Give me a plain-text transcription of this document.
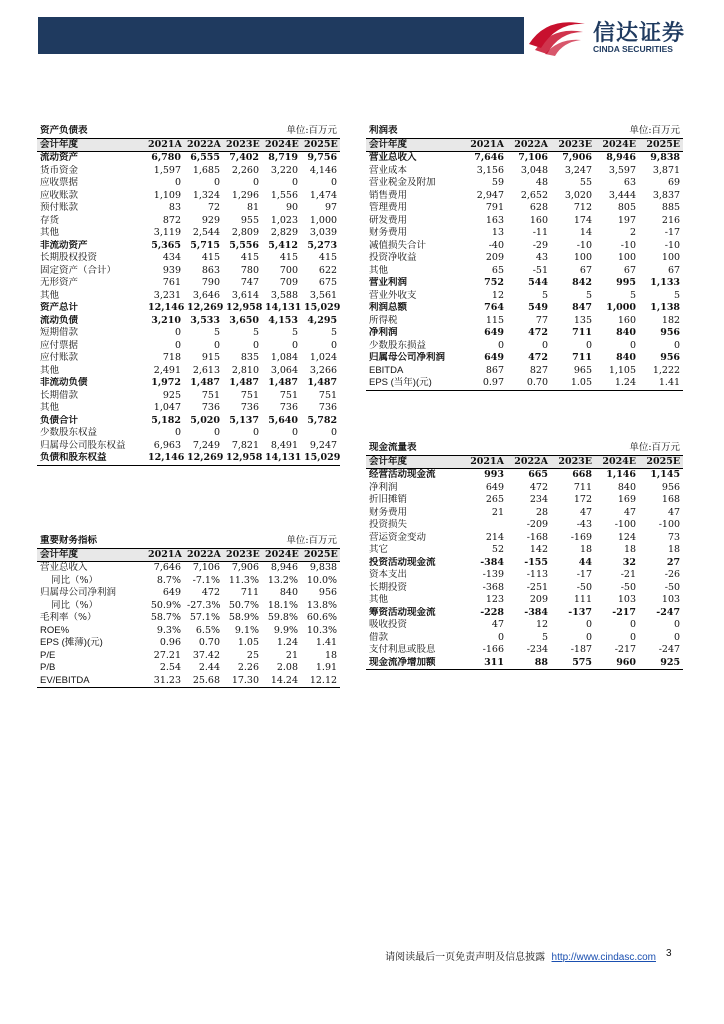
信达证券
CINDA SECURITIES
资产负债表			单位:百万元		
会计年度	2021A	2022A	2023E	2024E	2025E
流动资产	6,780	6,555	7,402	8,719	9,756
货币资金	1,597	1,685	2,260	3,220	4,146
应收票据	0	0	0	0	0
应收账款	1,109	1,324	1,296	1,556	1,474
预付账款	83	72	81	90	97
存货	872	929	955	1,023	1,000
其他	3,119	2,544	2,809	2,829	3,039
非流动资产	5,365	5,715	5,556	5,412	5,273
长期股权投资	434	415	415	415	415
固定资产（合计）	939	863	780	700	622
无形资产	761	790	747	709	675
其他	3,231	3,646	3,614	3,588	3,561
资产总计	12,146	12,269	12,958	14,131	15,029
流动负债	3,210	3,533	3,650	4,153	4,295
短期借款	0	5	5	5	5
应付票据	0	0	0	0	0
应付账款	718	915	835	1,084	1,024
其他	2,491	2,613	2,810	3,064	3,266
非流动负债	1,972	1,487	1,487	1,487	1,487
长期借款	925	751	751	751	751
其他	1,047	736	736	736	736
负债合计	5,182	5,020	5,137	5,640	5,782
少数股东权益	0	0	0	0	0
归属母公司股东权益	6,963	7,249	7,821	8,491	9,247
负债和股东权益	12,146	12,269	12,958	14,131	15,029
利润表			单位:百万元		
会计年度	2021A	2022A	2023E	2024E	2025E
营业总收入	7,646	7,106	7,906	8,946	9,838
营业成本	3,156	3,048	3,247	3,597	3,871
营业税金及附加	59	48	55	63	69
销售费用	2,947	2,652	3,020	3,444	3,837
管理费用	791	628	712	805	885
研发费用	163	160	174	197	216
财务费用	13	-11	14	2	-17
减值损失合计	-40	-29	-10	-10	-10
投资净收益	209	43	100	100	100
其他	65	-51	67	67	67
营业利润	752	544	842	995	1,133
营业外收支	12	5	5	5	5
利润总额	764	549	847	1,000	1,138
所得税	115	77	135	160	182
净利润	649	472	711	840	956
少数股东损益	0	0	0	0	0
归属母公司净利润	649	472	711	840	956
EBITDA	867	827	965	1,105	1,222
EPS (当年)(元)	0.97	0.70	1.05	1.24	1.41
重要财务指标			单位:百万元		
会计年度	2021A	2022A	2023E	2024E	2025E
营业总收入	7,646	7,106	7,906	8,946	9,838
同比（%）	8.7%	-7.1%	11.3%	13.2%	10.0%
归属母公司净利润	649	472	711	840	956
同比（%）	50.9%	-27.3%	50.7%	18.1%	13.8%
毛利率（%）	58.7%	57.1%	58.9%	59.8%	60.6%
ROE%	9.3%	6.5%	9.1%	9.9%	10.3%
EPS (摊薄)(元)	0.96	0.70	1.05	1.24	1.41
P/E	27.21	37.42	25	21	18
P/B	2.54	2.44	2.26	2.08	1.91
EV/EBITDA	31.23	25.68	17.30	14.24	12.12
现金流量表			单位:百万元		
会计年度	2021A	2022A	2023E	2024E	2025E
经营活动现金流	993	665	668	1,146	1,145
净利润	649	472	711	840	956
折旧摊销	265	234	172	169	168
财务费用	21	28	47	47	47
投资损失		-209	-43	-100	-100
营运资金变动	214	-168	-169	124	73
其它	52	142	18	18	18
投资活动现金流	-384	-155	44	32	27
资本支出	-139	-113	-17	-21	-26
长期投资	-368	-251	-50	-50	-50
其他	123	209	111	103	103
筹资活动现金流	-228	-384	-137	-217	-247
吸收投资	47	12	0	0	0
借款	0	5	0	0	0
支付利息或股息	-166	-234	-187	-217	-247
现金流净增加额	311	88	575	960	925
请阅读最后一页免责声明及信息披露 http://www.cindasc.com 3
